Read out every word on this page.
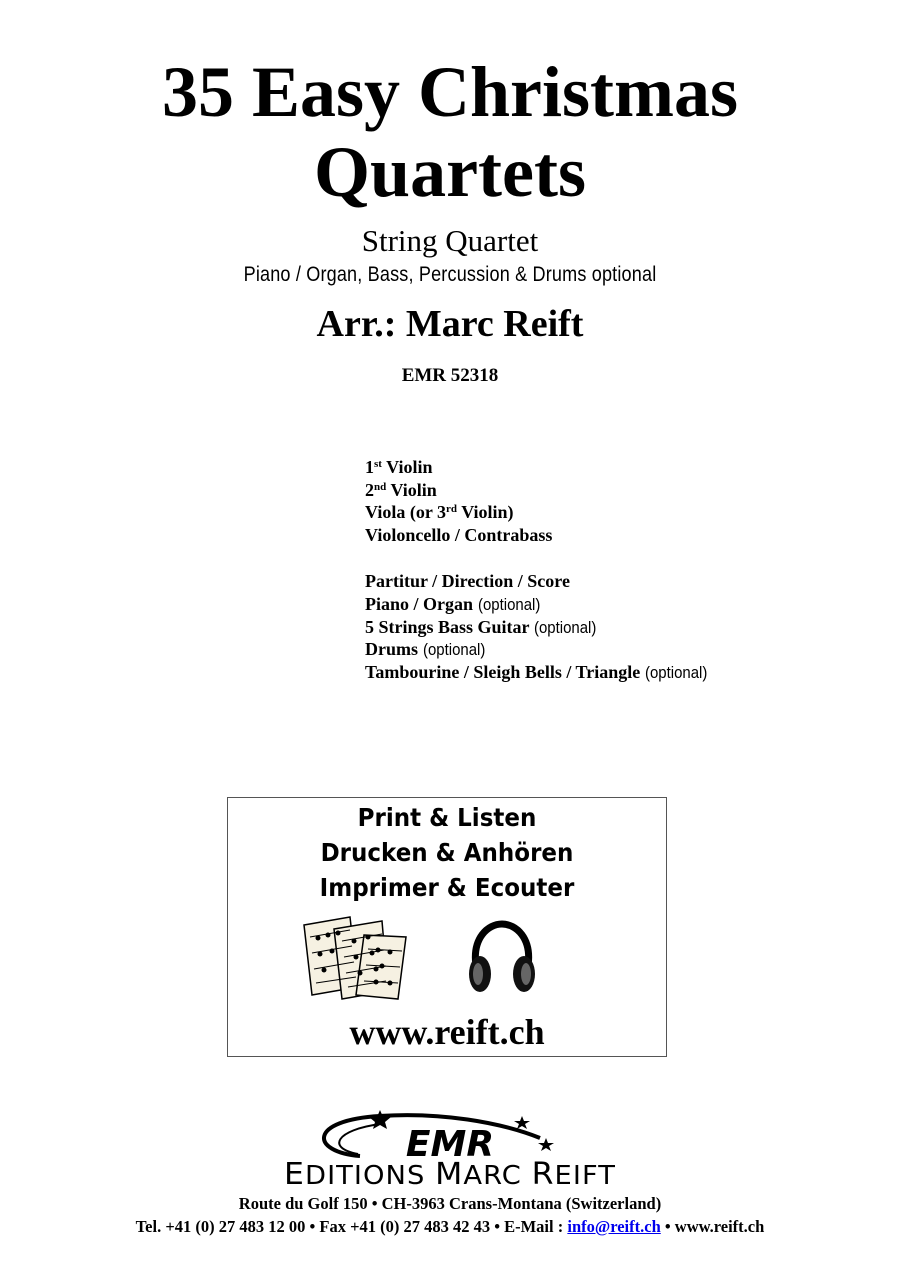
35 Easy Christmas
Quartets
String Quartet
Piano / Organ, Bass, Percussion & Drums optional
Arr.: Marc Reift
EMR 52318
1st Violin
2nd Violin
Viola (or 3rd Violin)
Violoncello / Contrabass
Partitur / Direction / Score
Piano / Organ (optional)
5 Strings Bass Guitar (optional)
Drums (optional)
Tambourine / Sleigh Bells / Triangle (optional)
Print & Listen
Drucken & Anhören
Imprimer & Ecouter
www.reift.ch
EMR
EDITIONS MARC REIFT
Route du Golf 150 • CH-3963 Crans-Montana (Switzerland)
Tel. +41 (0) 27 483 12 00 • Fax +41 (0) 27 483 42 43 • E-Mail : info@reift.ch • www.reift.ch
